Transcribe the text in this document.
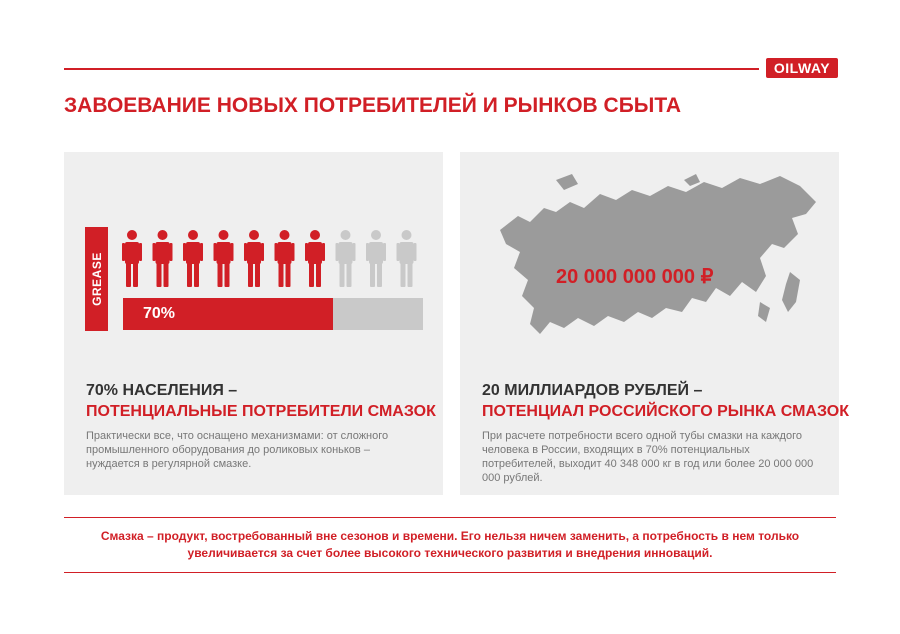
OILWAY
ЗАВОЕВАНИЕ НОВЫХ ПОТРЕБИТЕЛЕЙ И РЫНКОВ СБЫТА
GREASE
70%
70% НАСЕЛЕНИЯ –
ПОТЕНЦИАЛЬНЫЕ ПОТРЕБИТЕЛИ СМАЗОК
Практически все, что оснащено механизмами: от сложного промышленного оборудования до роликовых коньков – нуждается в регулярной смазке.
20 000 000 000 ₽
20 МИЛЛИАРДОВ РУБЛЕЙ –
ПОТЕНЦИАЛ РОССИЙСКОГО РЫНКА СМАЗОК
При расчете потребности всего одной тубы смазки на каждого человека в России, входящих в 70% потенциальных потребителей, выходит 40 348 000 кг в год или более 20 000 000 000 рублей.
Смазка – продукт, востребованный вне сезонов и времени. Его нельзя ничем заменить, а потребность в нем только увеличивается за счет более высокого технического развития и внедрения инноваций.
